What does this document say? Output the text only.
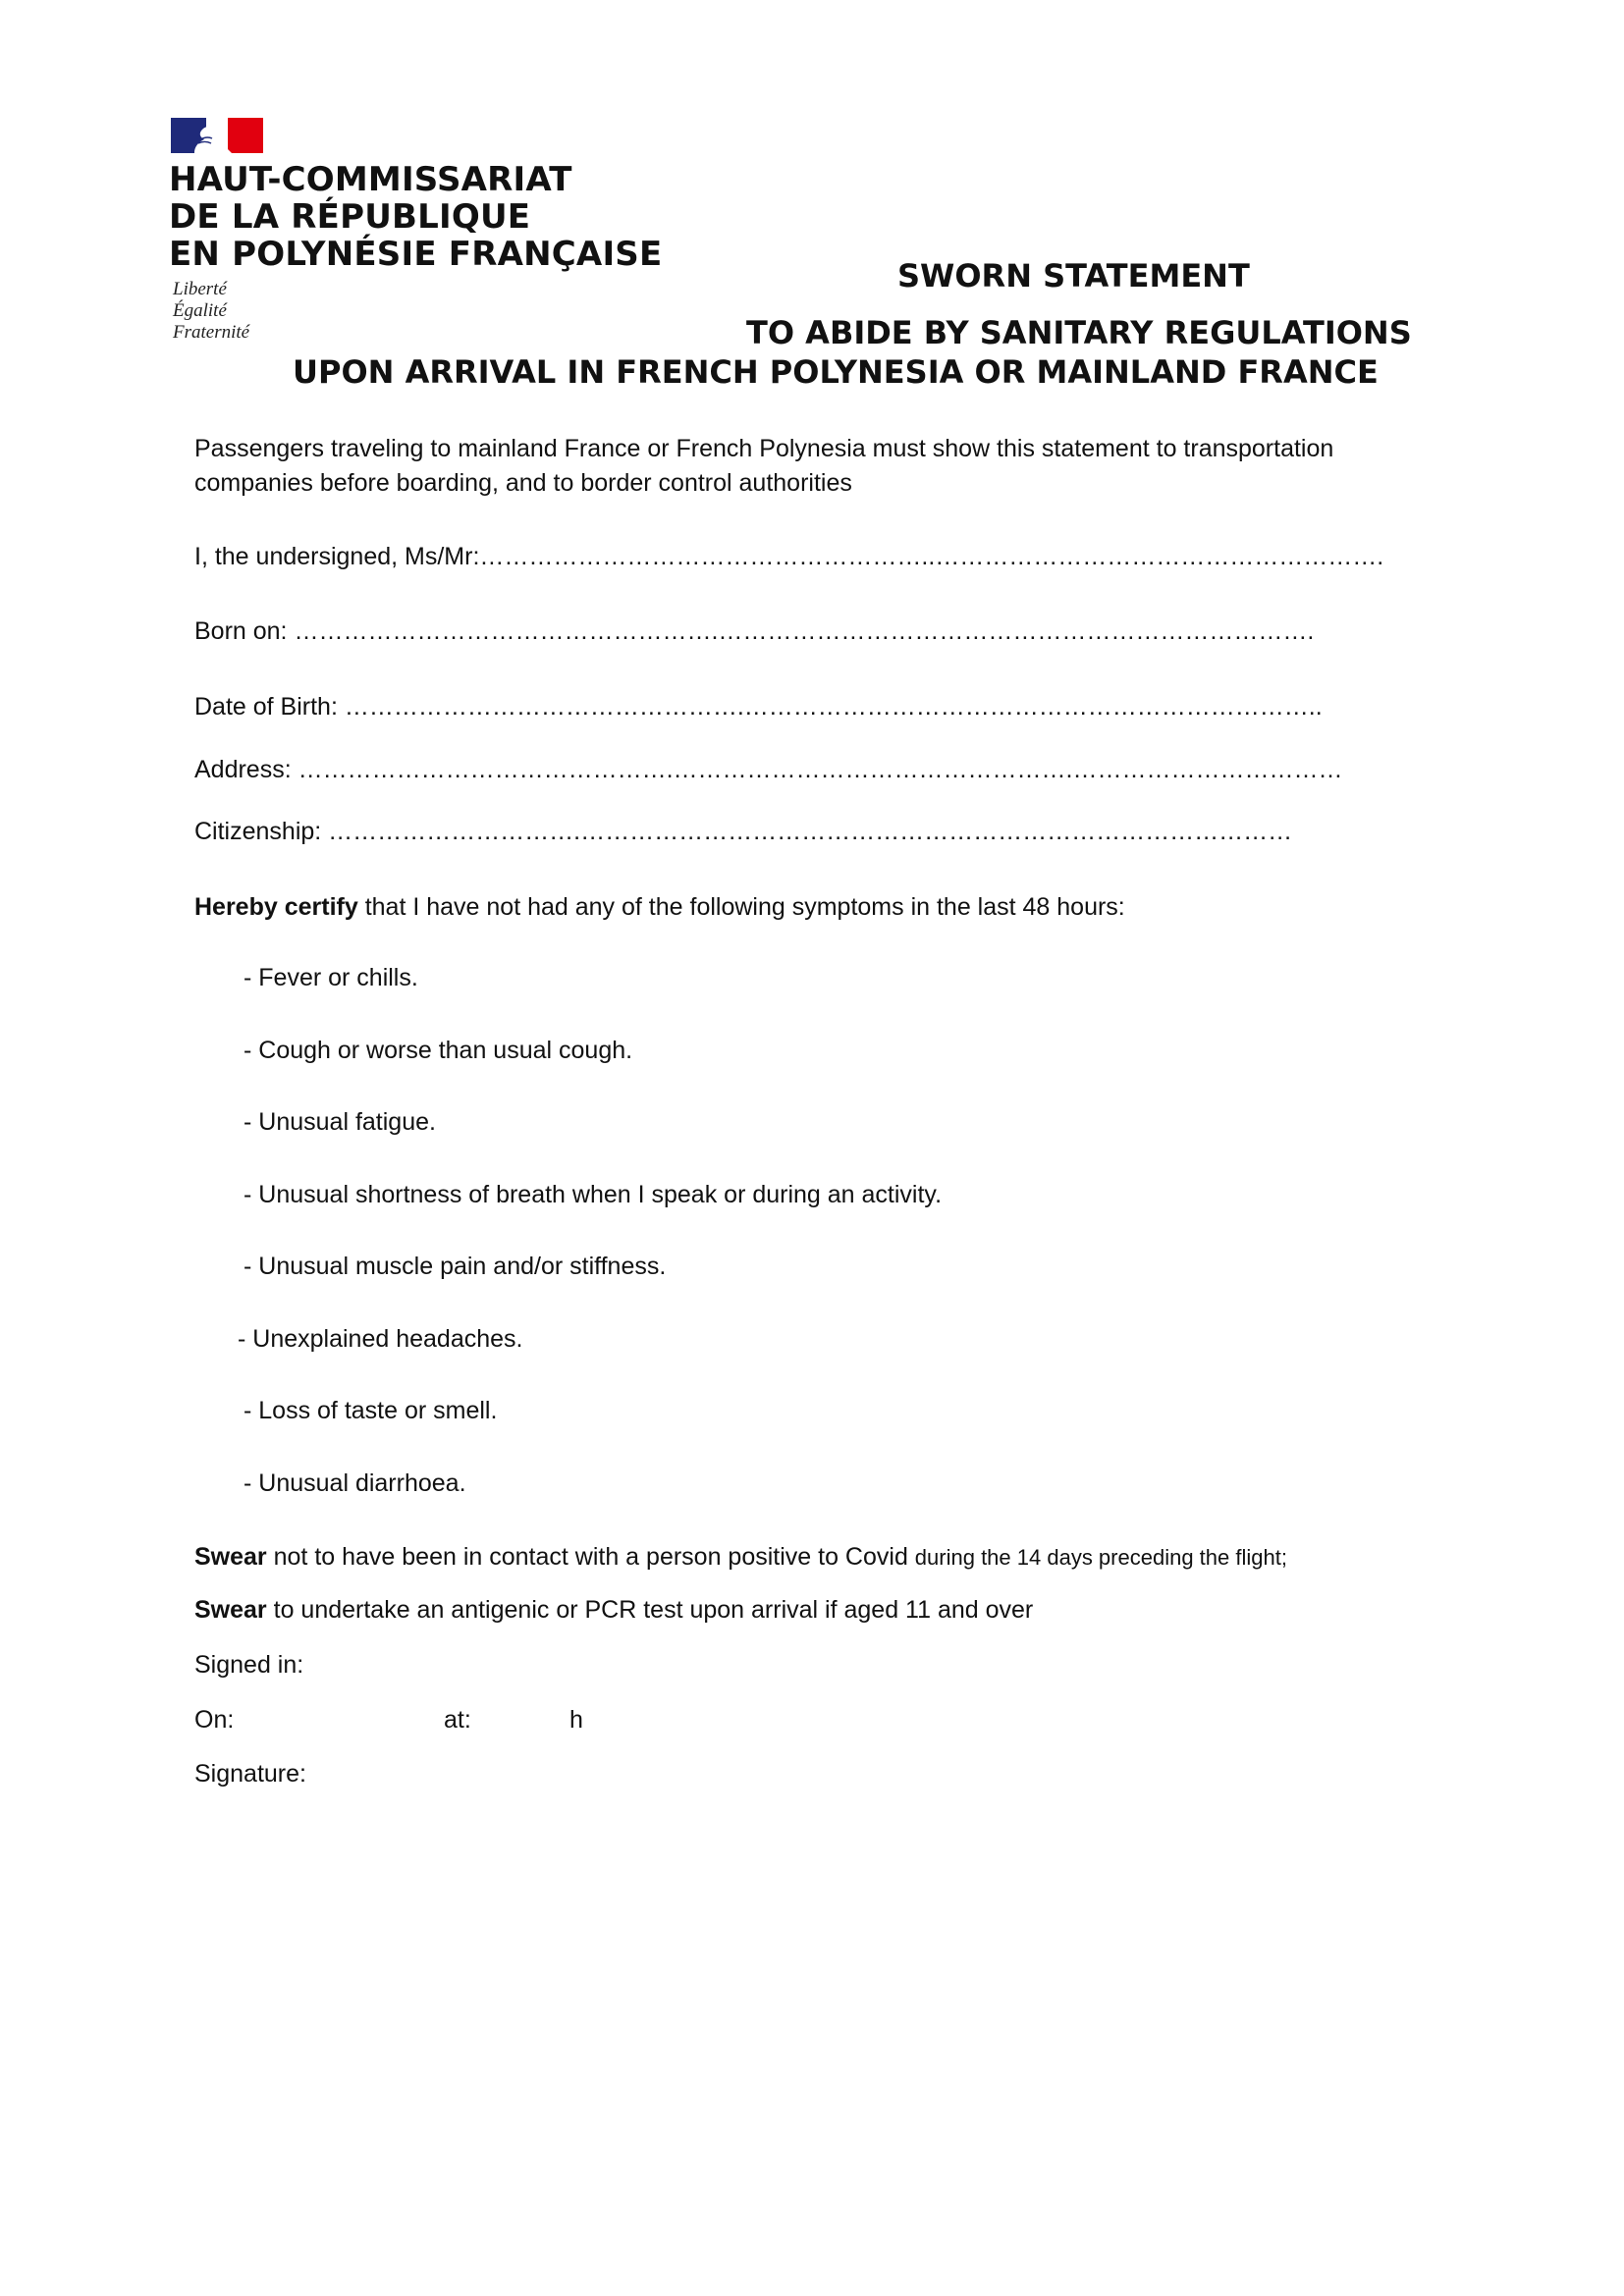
HAUT-COMMISSARIAT
DE LA RÉPUBLIQUE
EN POLYNÉSIE FRANÇAISE
Liberté
Égalité
Fraternité
SWORN STATEMENT
TO ABIDE BY SANITARY REGULATIONS
UPON ARRIVAL IN FRENCH POLYNESIA OR MAINLAND FRANCE
Passengers traveling to mainland France or French Polynesia must show this statement to transportation companies before boarding, and to border control authorities
I, the undersigned, Ms/Mr:………………………………………………..……………………………………………….
Born on: …………………………………………….……………………………………………………………….
Date of Birth: ………………………………………….……………………………………………………………..
Address: ……………………………………….………………………………………….……………………………
Citizenship: ………………………….……………………………………………………………………………
Hereby certify that I have not had any of the following symptoms in the last 48 hours:
- Fever or chills.
- Cough or worse than usual cough.
- Unusual fatigue.
- Unusual shortness of breath when I speak or during an activity.
- Unusual muscle pain and/or stiffness.
- Unexplained headaches.
- Loss of taste or smell.
- Unusual diarrhoea.
Swear not to have been in contact with a person positive to Covid during the 14 days preceding the flight;
Swear to undertake an antigenic or PCR test upon arrival if aged 11 and over
Signed in:
On:	at:	h
Signature:
